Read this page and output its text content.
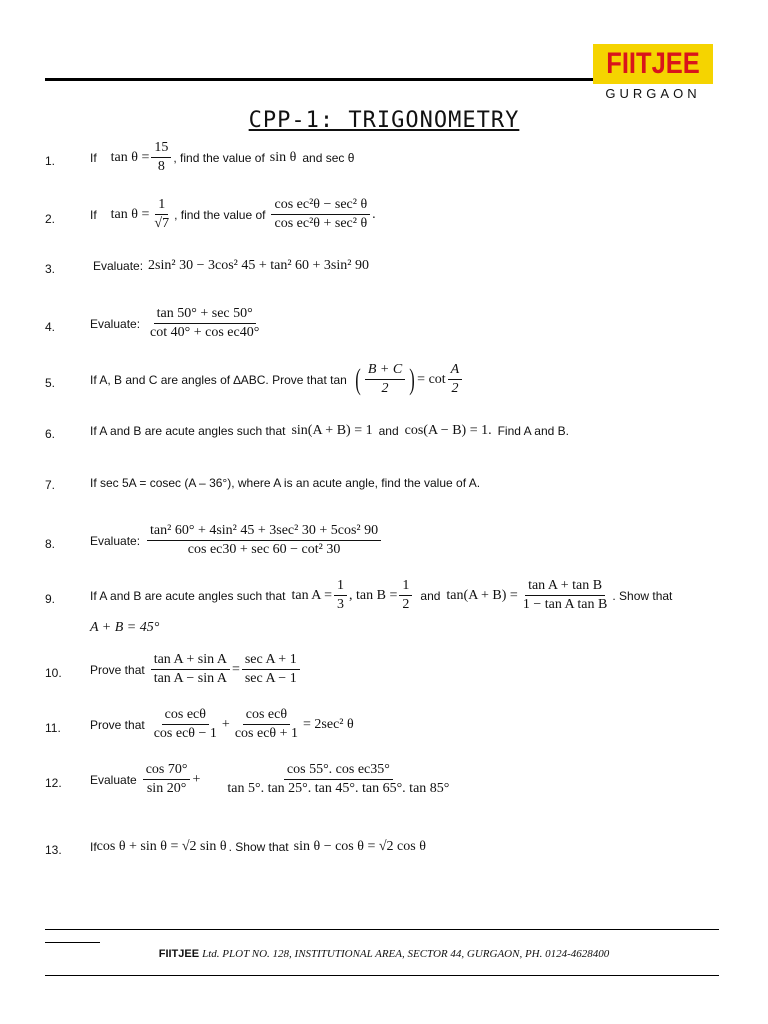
FIITJEE
GURGAON
CPP-1: TRIGONOMETRY
1.	If $\tan \theta = \frac{15}{8}$ , find the value of sin θ and sec θ
2.	If $\tan \theta = \frac{1}{√7}$ , find the value of $\frac{\text{cos ec²θ − sec² θ}}{\text{cos ec²θ + sec² θ}}$ .
3.	Evaluate: 2sin² 30 − 3cos² 45 + tan² 60 + 3sin² 90
4.	Evaluate: $\frac{\tan 50^\circ + \sec 50^\circ}{\text{cot 40° + cos ec40°}}$
5.	If A, B and C are angles of ∆ABC. Prove that tan ( $\frac{B + C}{2}$ ) = $\cot \frac{A}{2}$
6.	If A and B are acute angles such that sin(A + B) = 1 and cos(A − B) = 1. Find A and B.
7.	If sec 5A = cosec (A – 36°), where A is an acute angle, find the value of A.
8.	Evaluate: $\frac{\text{tan² 60° + 4sin² 45 + 3sec² 30 + 5cos² 90}}{\text{cos ec30 + sec 60 − cot² 30}}$
9.	If A and B are acute angles such that $\tan A = \frac{1}{3}$ , $\tan B = \frac{1}{2}$ and $\tan(A + B) = \frac{\text{tan A + tan B}}{\text{1 − tan A tan B}}$ . Show that
A + B = 45°
10. Prove that $\frac{\text{tan A + sin A}}{\text{tan A − sin A}} = \frac{\text{sec A + 1}}{\text{sec A − 1}}$
11. Prove that $\frac{\text{cos ecθ}}{\text{cos ecθ − 1}} + \frac{\text{cos ecθ}}{\text{cos ecθ + 1}} = 2\sec^2$ θ
12. Evaluate $\frac{\cos 70^\circ}{\sin 20^\circ} + \frac{\text{cos 55°. cos ec35°}}{\tan 5^\circ. \tan 25^\circ. \tan 45^\circ. \tan 65^\circ. \tan 85^\circ}$
13. If cos θ + sin θ = √2 sin θ . Show that sin θ − cos θ = √2 cos θ
FIITJEE Ltd. PLOT NO. 128, INSTITUTIONAL AREA, SECTOR 44, GURGAON, PH. 0124-4628400
